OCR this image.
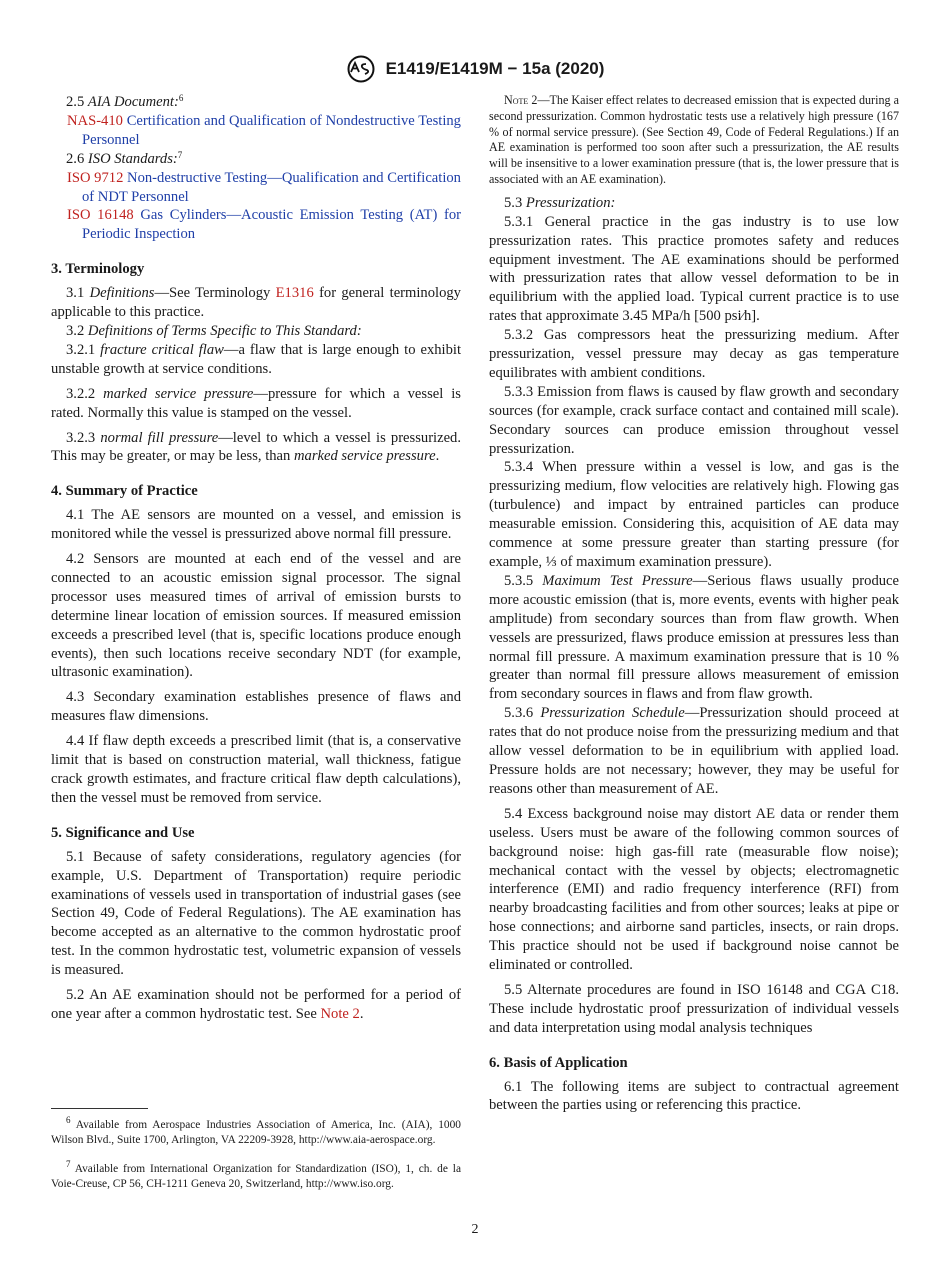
E1419/E1419M − 15a (2020)

2.5 AIA Document:$^6$

NAS-410 Certification and Qualification of Nondestructive Testing Personnel

2.6 ISO Standards:$^7$

ISO 9712 Non-destructive Testing—Qualification and Certification of NDT Personnel

ISO 16148 Gas Cylinders—Acoustic Emission Testing (AT) for Periodic Inspection

3. Terminology

3.1 Definitions—See Terminology E1316 for general terminology applicable to this practice.

3.2 Definitions of Terms Specific to This Standard:

3.2.1 fracture critical flaw—a flaw that is large enough to exhibit unstable growth at service conditions.

3.2.2 marked service pressure—pressure for which a vessel is rated. Normally this value is stamped on the vessel.

3.2.3 normal fill pressure—level to which a vessel is pressurized. This may be greater, or may be less, than marked service pressure.

4. Summary of Practice

4.1 The AE sensors are mounted on a vessel, and emission is monitored while the vessel is pressurized above normal fill pressure.

4.2 Sensors are mounted at each end of the vessel and are connected to an acoustic emission signal processor. The signal processor uses measured times of arrival of emission bursts to determine linear location of emission sources. If measured emission exceeds a prescribed level (that is, specific locations produce enough events), then such locations receive secondary NDT (for example, ultrasonic examination).

4.3 Secondary examination establishes presence of flaws and measures flaw dimensions.

4.4 If flaw depth exceeds a prescribed limit (that is, a conservative limit that is based on construction material, wall thickness, fatigue crack growth estimates, and fracture critical flaw depth calculations), then the vessel must be removed from service.

5. Significance and Use

5.1 Because of safety considerations, regulatory agencies (for example, U.S. Department of Transportation) require periodic examinations of vessels used in transportation of industrial gases (see Section 49, Code of Federal Regulations). The AE examination has become accepted as an alternative to the common hydrostatic proof test. In the common hydrostatic test, volumetric expansion of vessels is measured.

5.2 An AE examination should not be performed for a period of one year after a common hydrostatic test. See Note 2.

$^6$ Available from Aerospace Industries Association of America, Inc. (AIA), 1000 Wilson Blvd., Suite 1700, Arlington, VA 22209-3928, http://www.aia-aerospace.org.

$^7$ Available from International Organization for Standardization (ISO), 1, ch. de la Voie-Creuse, CP 56, CH-1211 Geneva 20, Switzerland, http://www.iso.org.

Note 2—The Kaiser effect relates to decreased emission that is expected during a second pressurization. Common hydrostatic tests use a relatively high pressure (167 % of normal service pressure). (See Section 49, Code of Federal Regulations.) If an AE examination is performed too soon after such a pressurization, the AE results will be insensitive to a lower examination pressure (that is, the lower pressure that is associated with an AE examination).

5.3 Pressurization:

5.3.1 General practice in the gas industry is to use low pressurization rates. This practice promotes safety and reduces equipment investment. The AE examinations should be performed with pressurization rates that allow vessel deformation to be in equilibrium with the applied load. Typical current practice is to use rates that approximate 3.45 MPa/h [500 psi⁄h].

5.3.2 Gas compressors heat the pressurizing medium. After pressurization, vessel pressure may decay as gas temperature equilibrates with ambient conditions.

5.3.3 Emission from flaws is caused by flaw growth and secondary sources (for example, crack surface contact and contained mill scale). Secondary sources can produce emission throughout vessel pressurization.

5.3.4 When pressure within a vessel is low, and gas is the pressurizing medium, flow velocities are relatively high. Flowing gas (turbulence) and impact by entrained particles can produce measurable emission. Considering this, acquisition of AE data may commence at some pressure greater than starting pressure (for example, ⅓ of maximum examination pressure).

5.3.5 Maximum Test Pressure—Serious flaws usually produce more acoustic emission (that is, more events, events with higher peak amplitude) from secondary sources than from flaw growth. When vessels are pressurized, flaws produce emission at pressures less than normal fill pressure. A maximum examination pressure that is 10 % greater than normal fill pressure allows measurement of emission from secondary sources in flaws and from flaw growth.

5.3.6 Pressurization Schedule—Pressurization should proceed at rates that do not produce noise from the pressurizing medium and that allow vessel deformation to be in equilibrium with applied load. Pressure holds are not necessary; however, they may be useful for reasons other than measurement of AE.

5.4 Excess background noise may distort AE data or render them useless. Users must be aware of the following common sources of background noise: high gas-fill rate (measurable flow noise); mechanical contact with the vessel by objects; electromagnetic interference (EMI) and radio frequency interference (RFI) from nearby broadcasting facilities and from other sources; leaks at pipe or hose connections; and airborne sand particles, insects, or rain drops. This practice should not be used if background noise cannot be eliminated or controlled.

5.5 Alternate procedures are found in ISO 16148 and CGA C18. These include hydrostatic proof pressurization of individual vessels and data interpretation using modal analysis techniques

6. Basis of Application

6.1 The following items are subject to contractual agreement between the parties using or referencing this practice.

2
